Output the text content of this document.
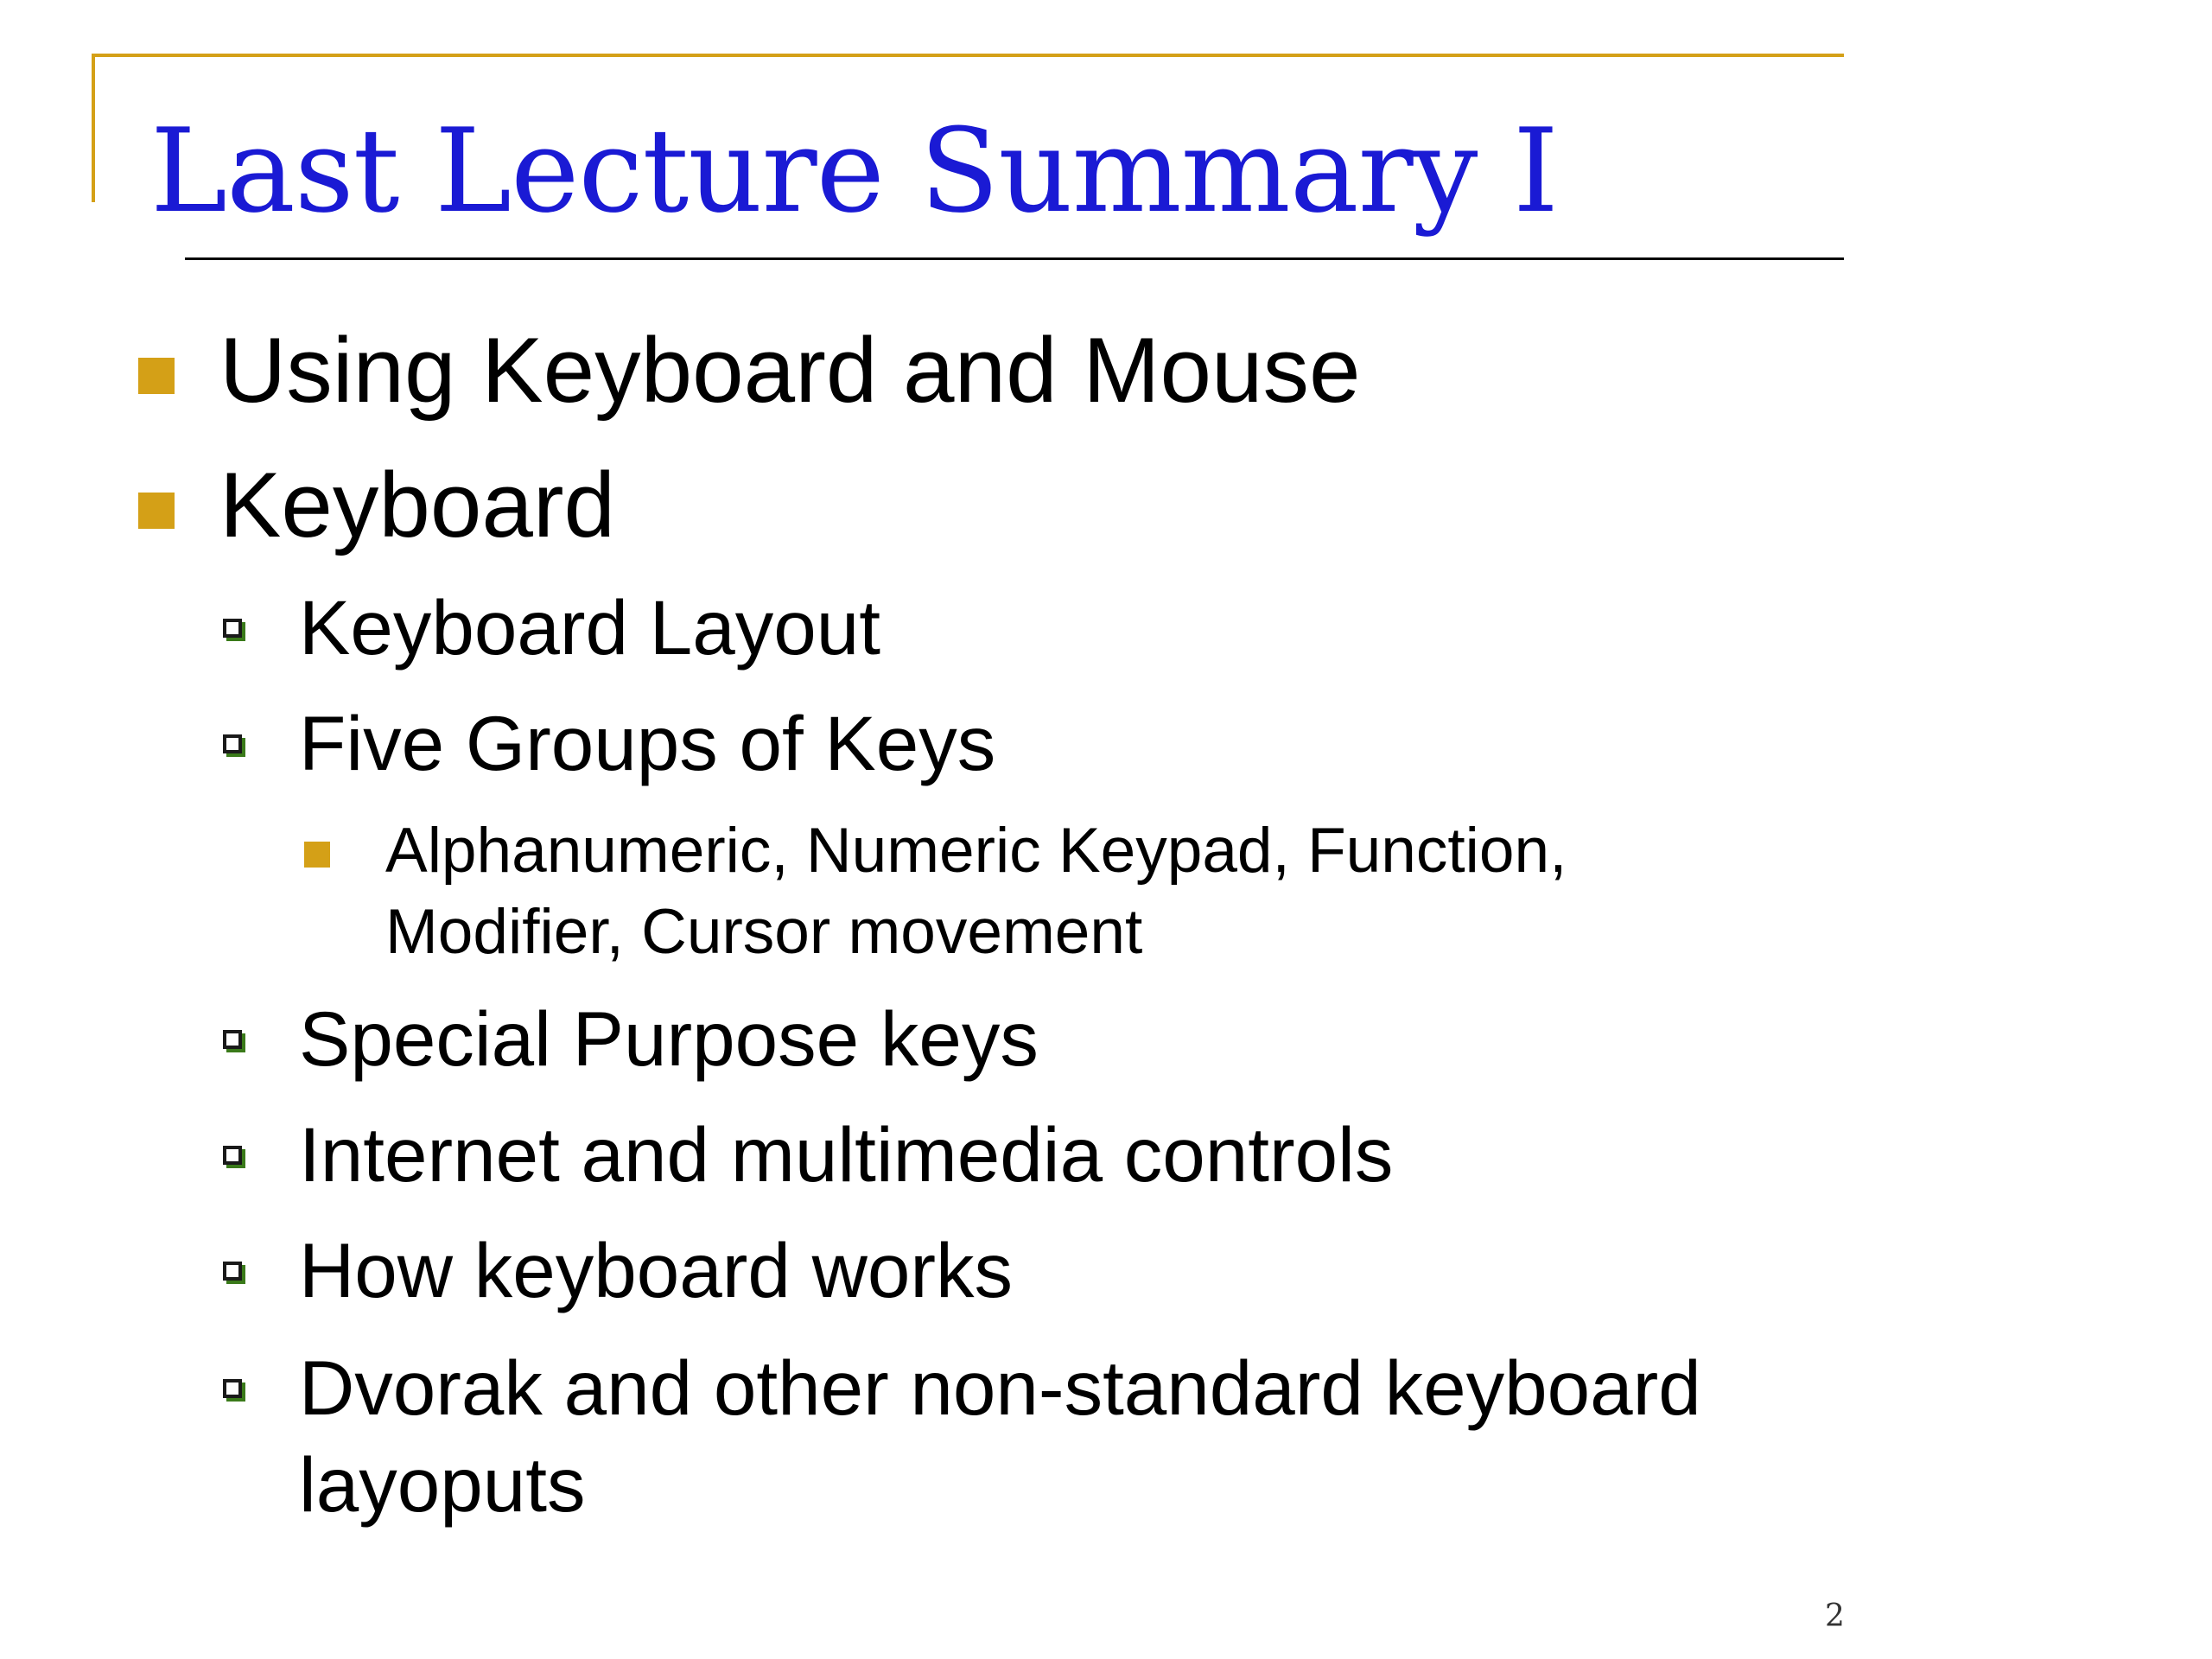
Last Lecture Summary I
Using Keyboard and Mouse
Keyboard
Keyboard Layout
Five Groups of Keys
Alphanumeric, Numeric Keypad, Function,
Modifier, Cursor movement
Special Purpose keys
Internet and multimedia controls
How keyboard works
Dvorak and other non-standard keyboard
layoputs
2
